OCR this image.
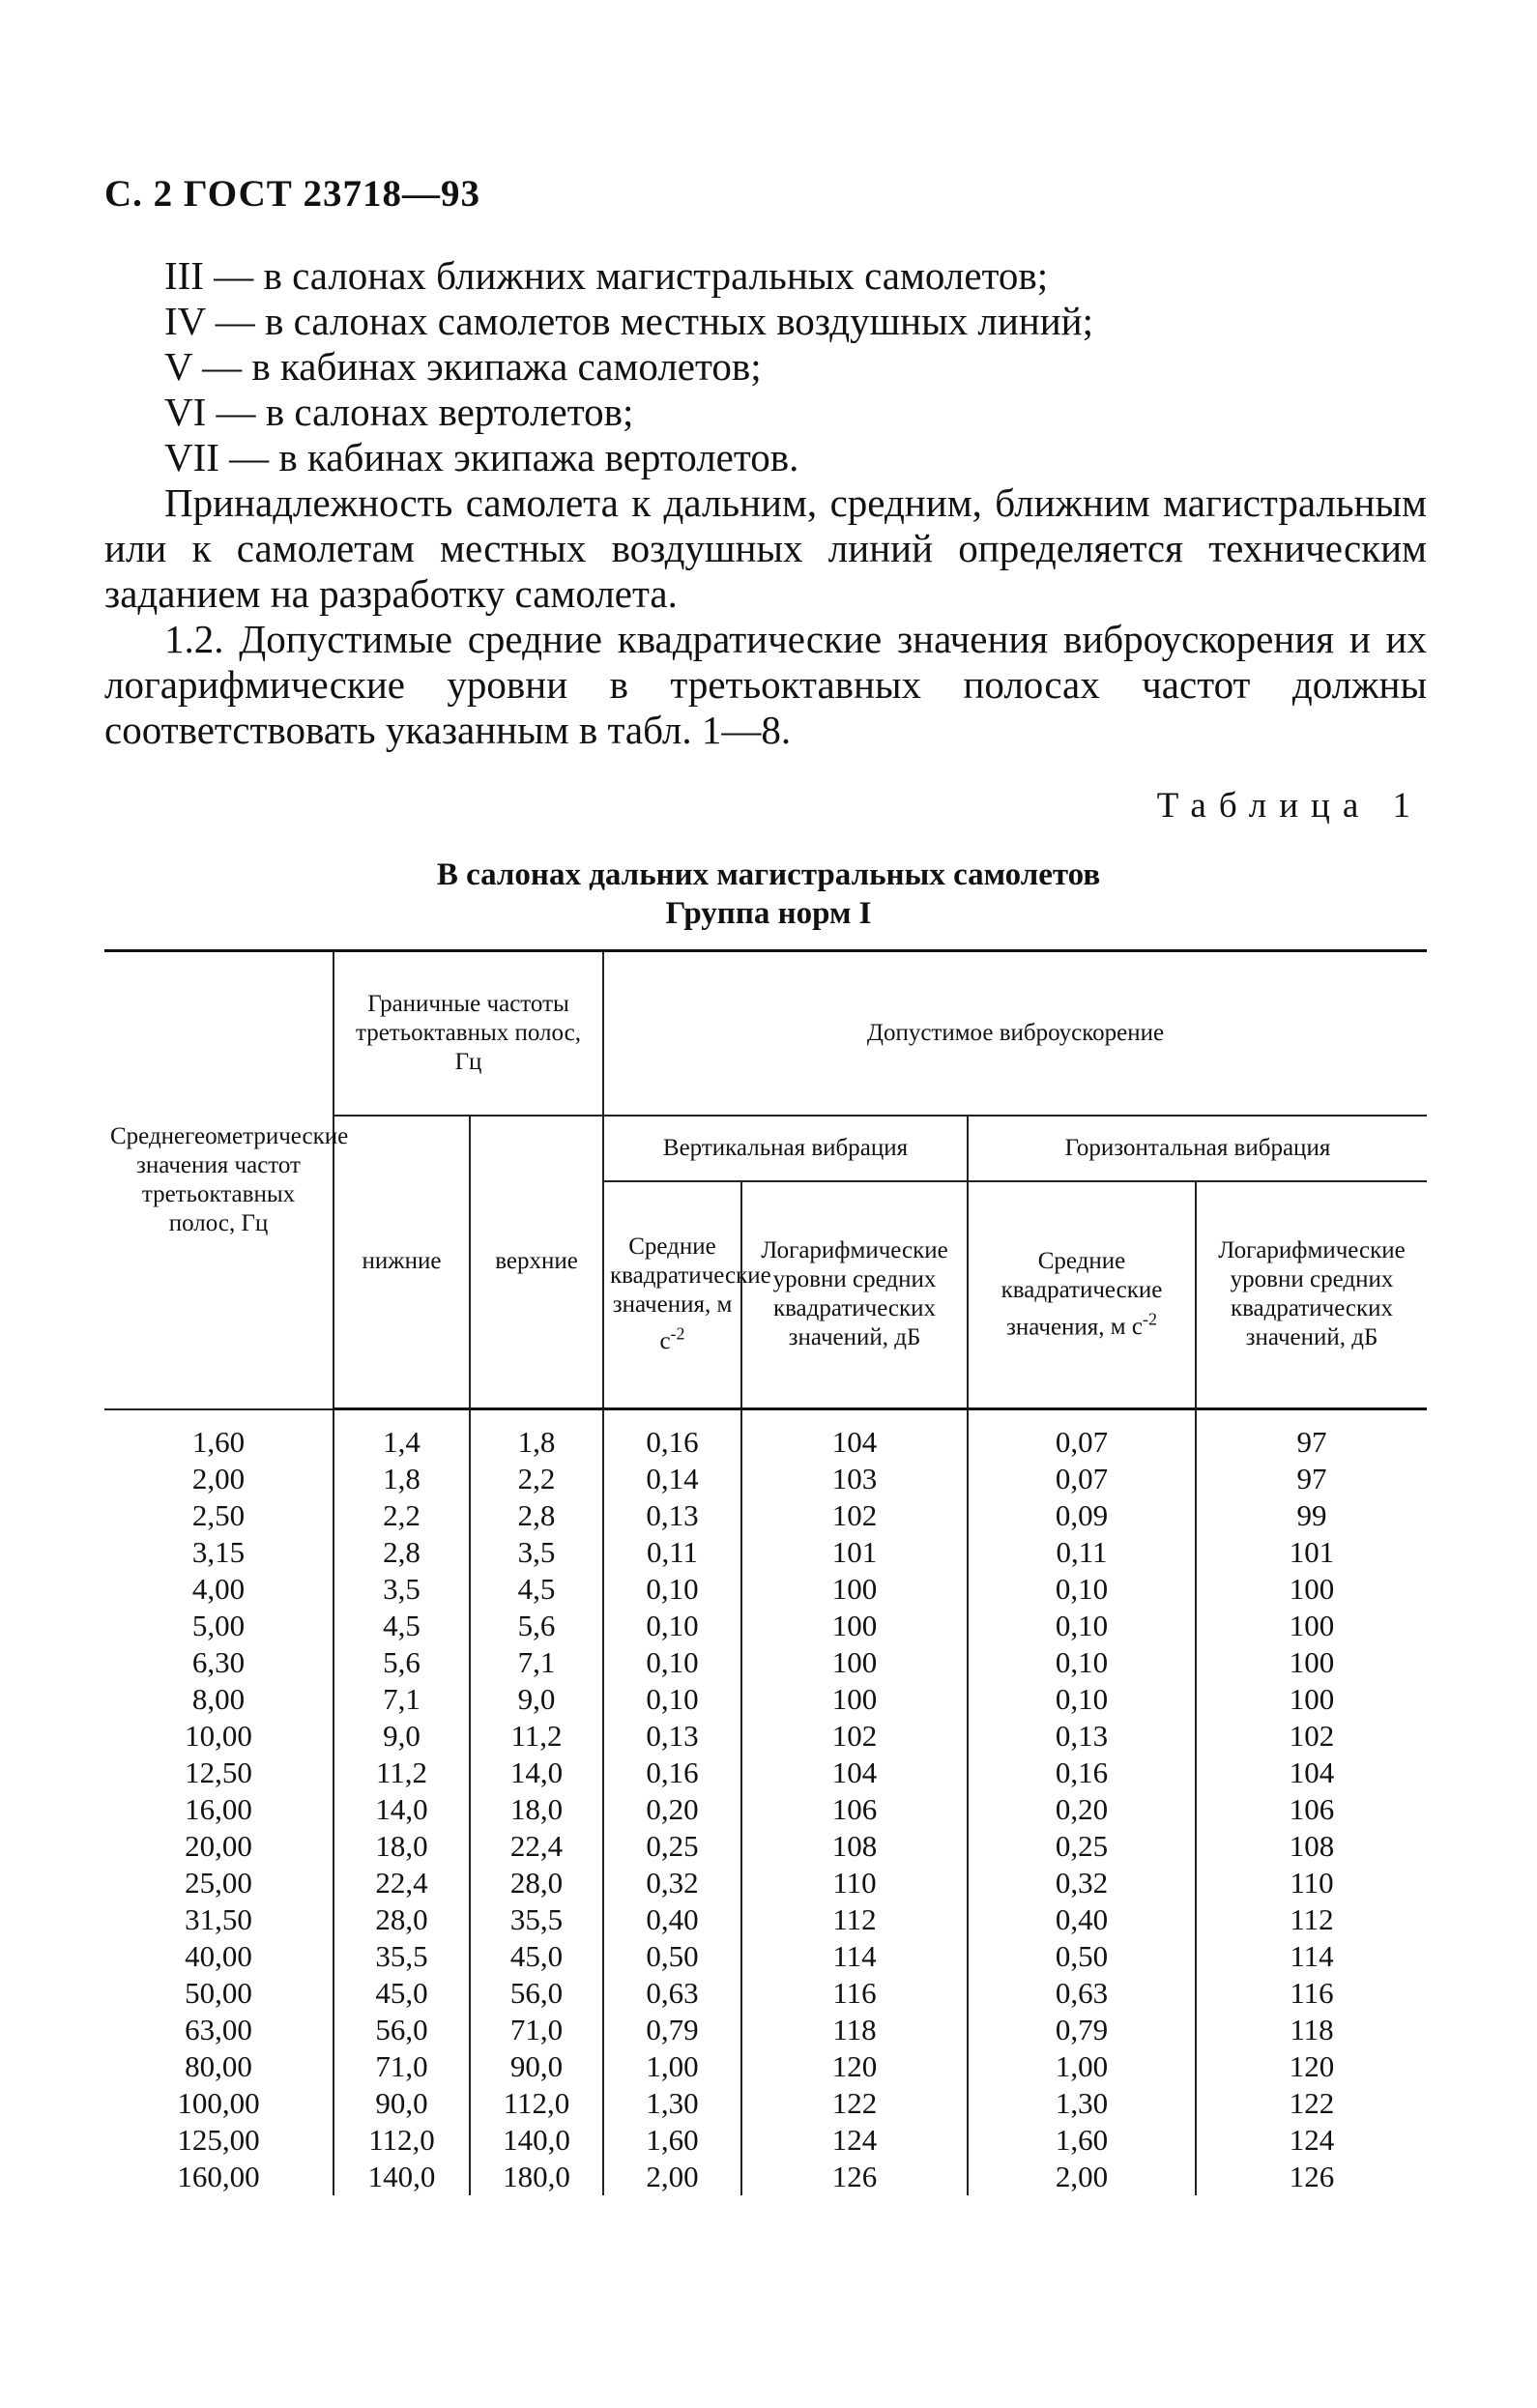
С. 2 ГОСТ 23718—93

III — в салонах ближних магистральных самолетов;

IV — в салонах самолетов местных воздушных линий;

V — в кабинах экипажа самолетов;

VI — в салонах вертолетов;

VII — в кабинах экипажа вертолетов.

Принадлежность самолета к дальним, средним, ближним магистральным или к самолетам местных воздушных линий определяется техническим заданием на разработку самолета.

1.2. Допустимые средние квадратические значения виброускорения и их логарифмические уровни в третьоктавных полосах частот должны соответствовать указанным в табл. 1—8.

Таблица 1
В салонах дальних магистральных самолетов
Группа норм I
Среднегеометрические значения частот третьоктавных полос, Гц	Граничные частоты третьоктавных полос, Гц		Допустимое виброускорение			
	нижние	верхние	Вертикальная вибрация		Горизонтальная вибрация	
			Средние квадратические значения, м $с^{-2}$	Логарифмические уровни средних квадратических значений, дБ	Средние квадратические значения, м $с^{-2}$	Логарифмические уровни средних квадратических значений, дБ
1,60	1,4	1,8	0,16	104	0,07	97
2,00	1,8	2,2	0,14	103	0,07	97
2,50	2,2	2,8	0,13	102	0,09	99
3,15	2,8	3,5	0,11	101	0,11	101
4,00	3,5	4,5	0,10	100	0,10	100
5,00	4,5	5,6	0,10	100	0,10	100
6,30	5,6	7,1	0,10	100	0,10	100
8,00	7,1	9,0	0,10	100	0,10	100
10,00	9,0	11,2	0,13	102	0,13	102
12,50	11,2	14,0	0,16	104	0,16	104
16,00	14,0	18,0	0,20	106	0,20	106
20,00	18,0	22,4	0,25	108	0,25	108
25,00	22,4	28,0	0,32	110	0,32	110
31,50	28,0	35,5	0,40	112	0,40	112
40,00	35,5	45,0	0,50	114	0,50	114
50,00	45,0	56,0	0,63	116	0,63	116
63,00	56,0	71,0	0,79	118	0,79	118
80,00	71,0	90,0	1,00	120	1,00	120
100,00	90,0	112,0	1,30	122	1,30	122
125,00	112,0	140,0	1,60	124	1,60	124
160,00	140,0	180,0	2,00	126	2,00	126
